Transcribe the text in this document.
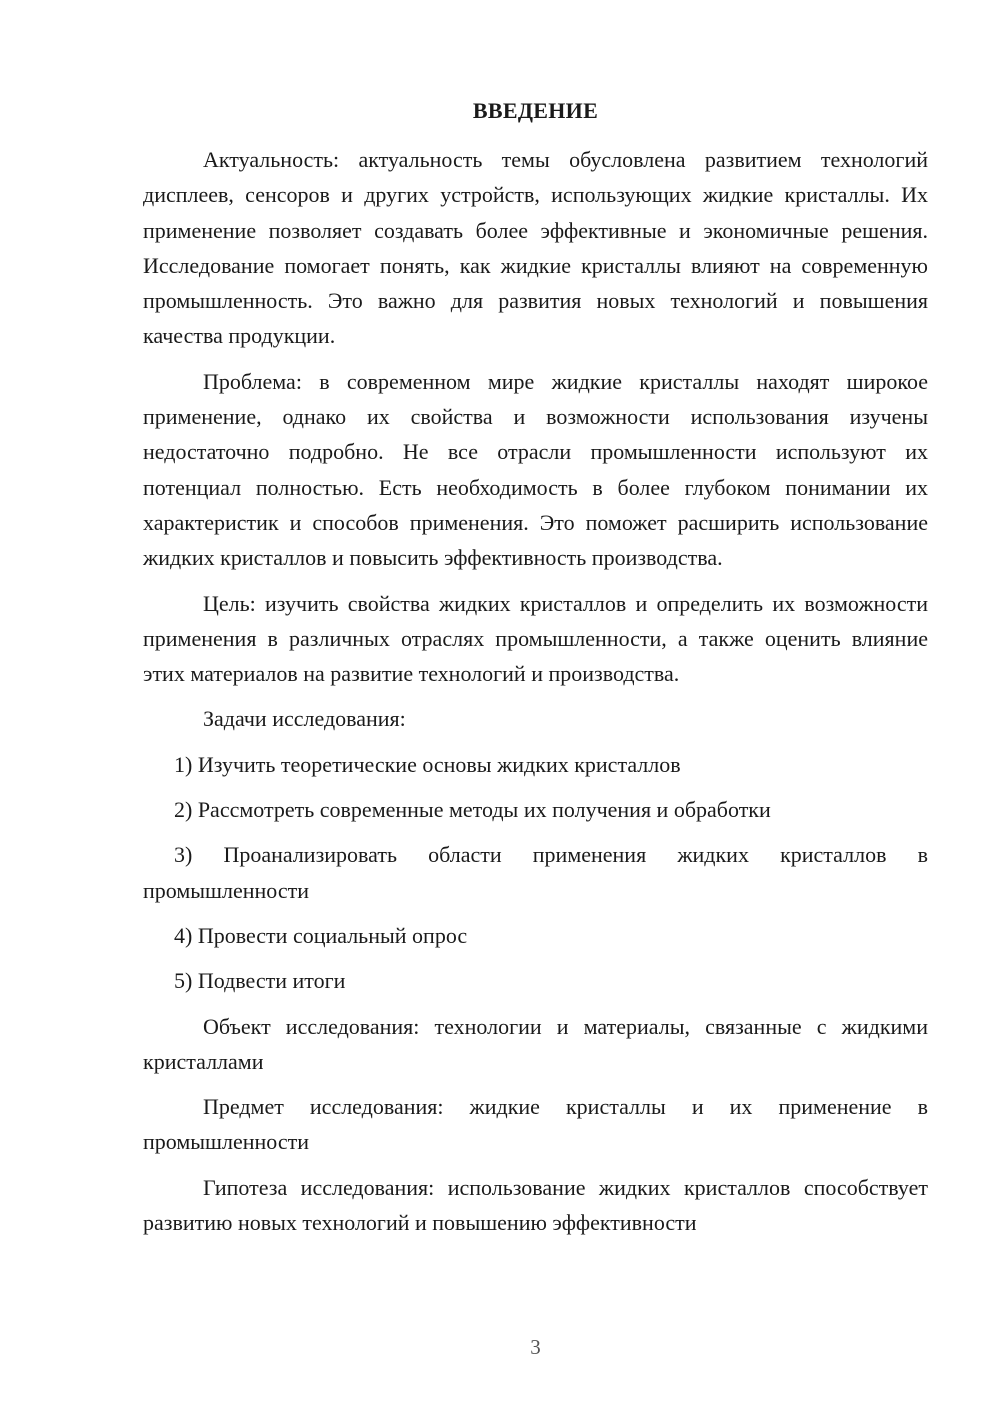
ВВЕДЕНИЕ

Актуальность: актуальность темы обусловлена развитием технологий дисплеев, сенсоров и других устройств, использующих жидкие кристаллы. Их применение позволяет создавать более эффективные и экономичные решения. Исследование помогает понять, как жидкие кристаллы влияют на современную промышленность. Это важно для развития новых технологий и повышения качества продукции.

Проблема: в современном мире жидкие кристаллы находят широкое применение, однако их свойства и возможности использования изучены недостаточно подробно. Не все отрасли промышленности используют их потенциал полностью. Есть необходимость в более глубоком понимании их характеристик и способов применения. Это поможет расширить использование жидких кристаллов и повысить эффективность производства.

Цель: изучить свойства жидких кристаллов и определить их возможности применения в различных отраслях промышленности, а также оценить влияние этих материалов на развитие технологий и производства.

Задачи исследования:

1) Изучить теоретические основы жидких кристаллов

2) Рассмотреть современные методы их получения и обработки

3) Проанализировать области применения жидких кристаллов в промышленности

4) Провести социальный опрос

5) Подвести итоги

Объект исследования: технологии и материалы, связанные с жидкими кристаллами

Предмет исследования: жидкие кристаллы и их применение в промышленности

Гипотеза исследования: использование жидких кристаллов способствует развитию новых технологий и повышению эффективности

3
